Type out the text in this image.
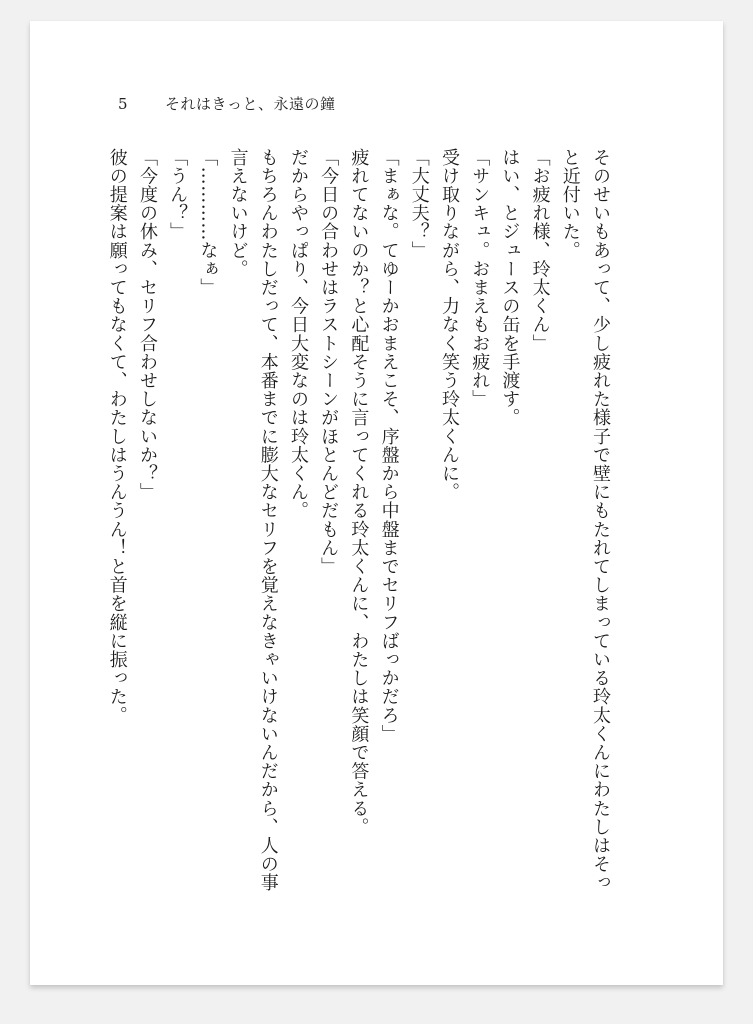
5	それはきっと、永遠の鐘
そのせいもあって、少し疲れた様子で壁にもたれてしまっている玲太くんにわたしはそっ
と近付いた。
「お疲れ様、玲太くん」
はい、とジュースの缶を手渡す。
「サンキュ。おまえもお疲れ」
受け取りながら、力なく笑う玲太くんに。
「大丈夫？」
「まぁな。てゆーかおまえこそ、序盤から中盤までセリフばっかだろ」
疲れてないのか？と心配そうに言ってくれる玲太くんに、わたしは笑顔で答える。
「今日の合わせはラストシーンがほとんどだもん」
だからやっぱり、今日大変なのは玲太くん。
もちろんわたしだって、本番までに膨大なセリフを覚えなきゃいけないんだから、人の事
言えないけど。
「…………なぁ」
「うん？」
「今度の休み、セリフ合わせしないか？」
彼の提案は願ってもなくて、わたしはうんうん！と首を縦に振った。
